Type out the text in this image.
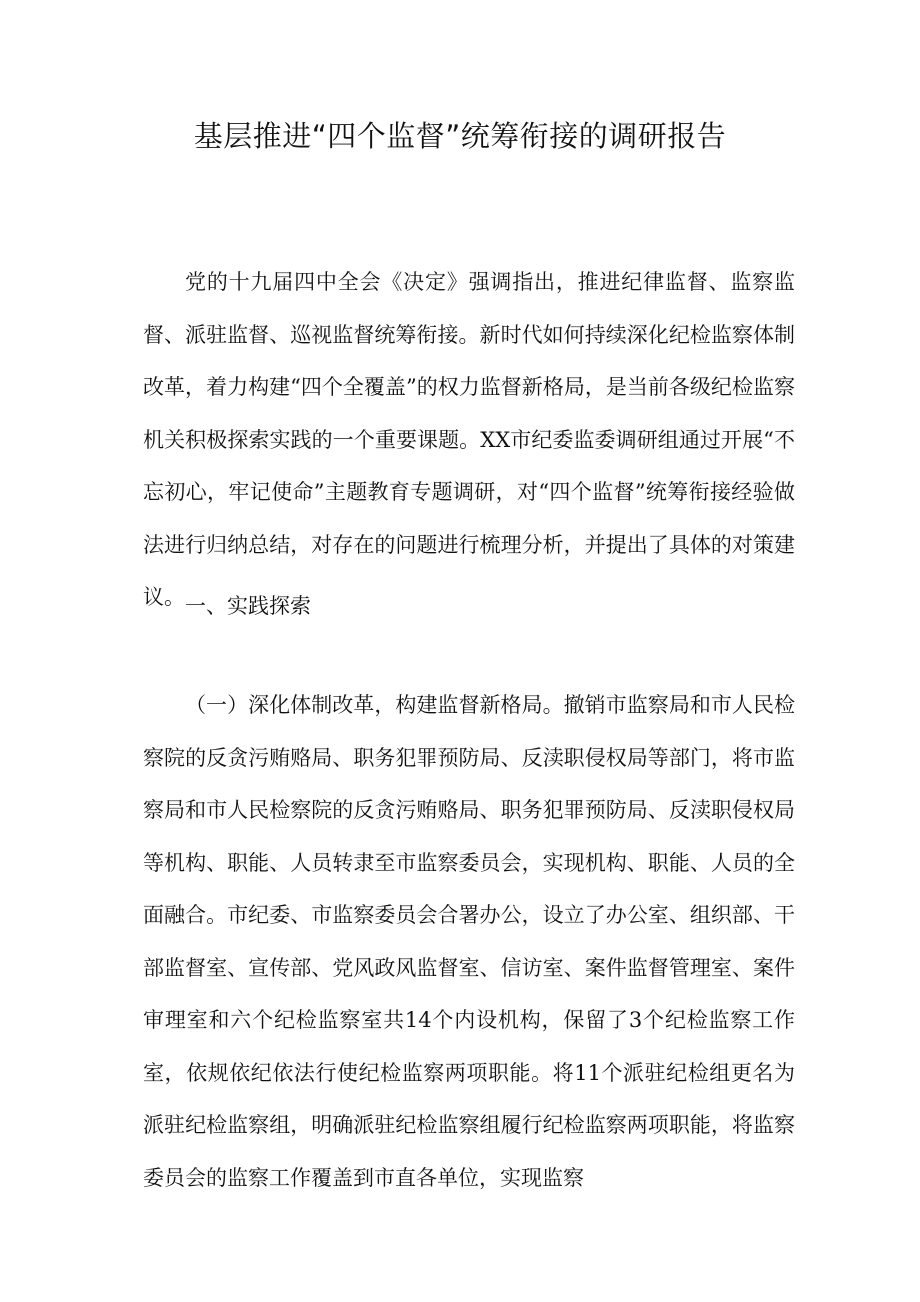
基层推进“四个监督”统筹衔接的调研报告

党的十九届四中全会《决定》强调指出，推进纪律监督、监察监督、派驻监督、巡视监督统筹衔接。新时代如何持续深化纪检监察体制改革，着力构建“四个全覆盖”的权力监督新格局，是当前各级纪检监察机关积极探索实践的一个重要课题。XX市纪委监委调研组通过开展“不忘初心，牢记使命”主题教育专题调研，对“四个监督”统筹衔接经验做法进行归纳总结，对存在的问题进行梳理分析，并提出了具体的对策建议。 一、实践探索

（一）深化体制改革，构建监督新格局。撤销市监察局和市人民检察院的反贪污贿赂局、职务犯罪预防局、反渎职侵权局等部门，将市监察局和市人民检察院的反贪污贿赂局、职务犯罪预防局、反渎职侵权局等机构、职能、人员转隶至市监察委员会，实现机构、职能、人员的全面融合。市纪委、市监察委员会合署办公，设立了办公室、组织部、干部监督室、宣传部、党风政风监督室、信访室、案件监督管理室、案件审理室和六个纪检监察室共14个内设机构，保留了3个纪检监察工作室，依规依纪依法行使纪检监察两项职能。将11个派驻纪检组更名为派驻纪检监察组，明确派驻纪检监察组履行纪检监察两项职能，将监察委员会的监察工作覆盖到市直各单位，实现监察
